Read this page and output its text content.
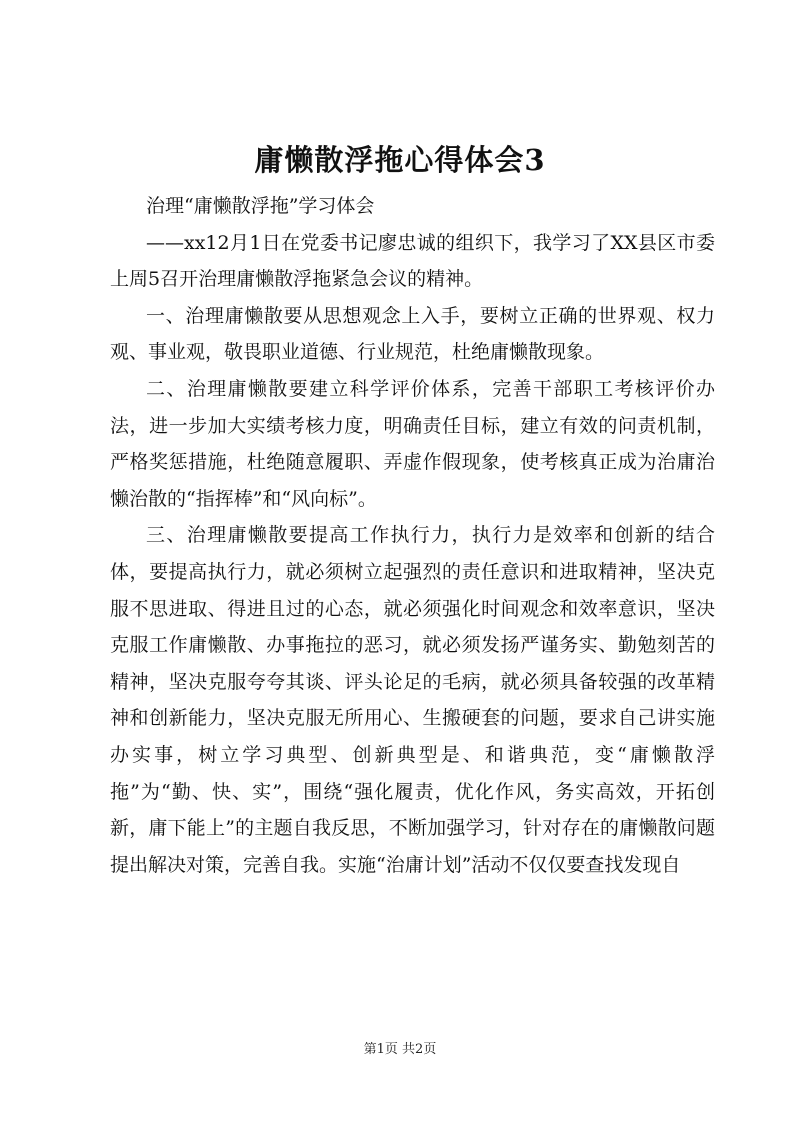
庸懒散浮拖心得体会3

治理“庸懒散浮拖”学习体会

——xx12月1日在党委书记廖忠诚的组织下，我学习了XX县区市委上周5召开治理庸懒散浮拖紧急会议的精神。

一、治理庸懒散要从思想观念上入手，要树立正确的世界观、权力观、事业观，敬畏职业道德、行业规范，杜绝庸懒散现象。

二、治理庸懒散要建立科学评价体系，完善干部职工考核评价办法，进一步加大实绩考核力度，明确责任目标，建立有效的问责机制，严格奖惩措施，杜绝随意履职、弄虚作假现象，使考核真正成为治庸治懒治散的“指挥棒”和“风向标”。

三、治理庸懒散要提高工作执行力，执行力是效率和创新的结合体，要提高执行力，就必须树立起强烈的责任意识和进取精神，坚决克服不思进取、得进且过的心态，就必须强化时间观念和效率意识，坚决克服工作庸懒散、办事拖拉的恶习，就必须发扬严谨务实、勤勉刻苦的精神，坚决克服夸夸其谈、评头论足的毛病，就必须具备较强的改革精神和创新能力，坚决克服无所用心、生搬硬套的问题，要求自己讲实施办实事，树立学习典型、创新典型是、和谐典范，变“庸懒散浮拖”为“勤、快、实”，围绕“强化履责，优化作风，务实高效，开拓创新，庸下能上”的主题自我反思，不断加强学习，针对存在的庸懒散问题提出解决对策，完善自我。实施“治庸计划”活动不仅仅要查找发现自

第1页 共2页
